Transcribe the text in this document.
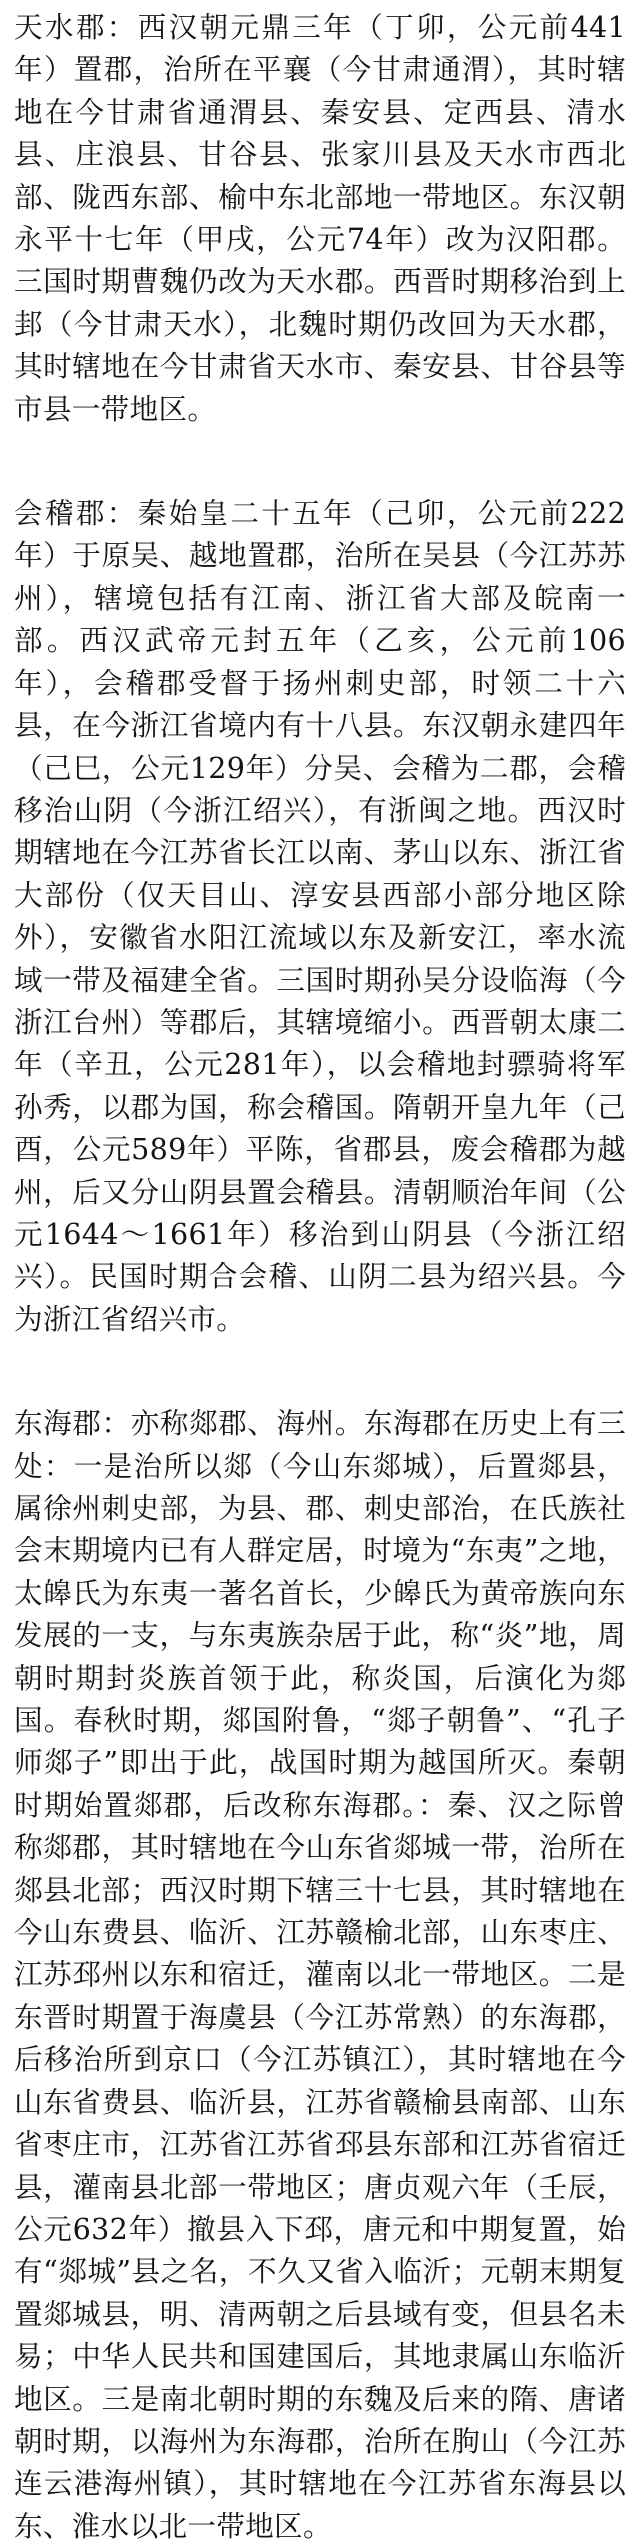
天水郡：西汉朝元鼎三年（丁卯，公元前441年）置郡，治所在平襄（今甘肃通渭），其时辖地在今甘肃省通渭县、秦安县、定西县、清水县、庄浪县、甘谷县、张家川县及天水市西北部、陇西东部、榆中东北部地一带地区。东汉朝永平十七年（甲戌，公元74年）改为汉阳郡。三国时期曹魏仍改为天水郡。西晋时期移治到上邽（今甘肃天水），北魏时期仍改回为天水郡，其时辖地在今甘肃省天水市、秦安县、甘谷县等市县一带地区。

会稽郡：秦始皇二十五年（己卯，公元前222年）于原吴、越地置郡，治所在吴县（今江苏苏州），辖境包括有江南、浙江省大部及皖南一部。西汉武帝元封五年（乙亥，公元前106年），会稽郡受督于扬州刺史部，时领二十六县，在今浙江省境内有十八县。东汉朝永建四年（己巳，公元129年）分吴、会稽为二郡，会稽移治山阴（今浙江绍兴），有浙闽之地。西汉时期辖地在今江苏省长江以南、茅山以东、浙江省大部份（仅天目山、淳安县西部小部分地区除外），安徽省水阳江流域以东及新安江，率水流域一带及福建全省。三国时期孙吴分设临海（今浙江台州）等郡后，其辖境缩小。西晋朝太康二年（辛丑，公元281年），以会稽地封骠骑将军孙秀，以郡为国，称会稽国。隋朝开皇九年（己酉，公元589年）平陈，省郡县，废会稽郡为越州，后又分山阴县置会稽县。清朝顺治年间（公元1644～1661年）移治到山阴县（今浙江绍兴）。民国时期合会稽、山阴二县为绍兴县。今为浙江省绍兴市。

东海郡：亦称郯郡、海州。东海郡在历史上有三处：一是治所以郯（今山东郯城），后置郯县，属徐州刺史部，为县、郡、刺史部治，在氏族社会末期境内已有人群定居，时境为“东夷”之地，太皞氏为东夷一著名首长，少皞氏为黄帝族向东发展的一支，与东夷族杂居于此，称“炎”地，周朝时期封炎族首领于此，称炎国，后演化为郯国。春秋时期，郯国附鲁，“郯子朝鲁”、“孔子师郯子”即出于此，战国时期为越国所灭。秦朝时期始置郯郡，后改称东海郡。：秦、汉之际曾称郯郡，其时辖地在今山东省郯城一带，治所在郯县北部；西汉时期下辖三十七县，其时辖地在今山东费县、临沂、江苏赣榆北部，山东枣庄、江苏邳州以东和宿迁，灌南以北一带地区。二是东晋时期置于海虞县（今江苏常熟）的东海郡，后移治所到京口（今江苏镇江），其时辖地在今山东省费县、临沂县，江苏省赣榆县南部、山东省枣庄市，江苏省江苏省邳县东部和江苏省宿迁县，灌南县北部一带地区；唐贞观六年（壬辰，公元632年）撤县入下邳，唐元和中期复置，始有“郯城”县之名，不久又省入临沂；元朝末期复置郯城县，明、清两朝之后县域有变，但县名未易；中华人民共和国建国后，其地隶属山东临沂地区。三是南北朝时期的东魏及后来的隋、唐诸朝时期，以海州为东海郡，治所在朐山（今江苏连云港海州镇），其时辖地在今江苏省东海县以东、淮水以北一带地区。
